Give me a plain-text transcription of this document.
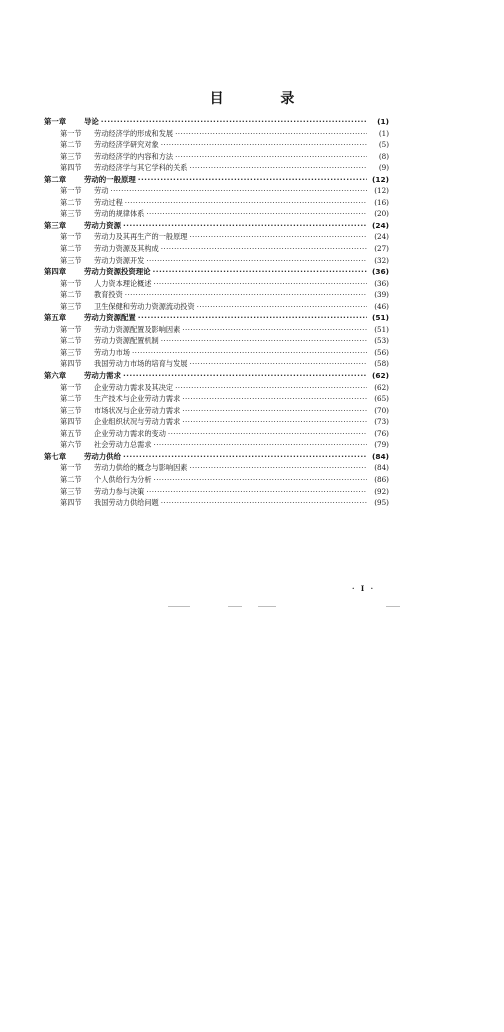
目 录
第一章	导论 ·····	(1)
第一节	劳动经济学的形成和发展 ·····	(1)
第二节	劳动经济学研究对象 ·····	(5)
第三节	劳动经济学的内容和方法 ·····	(8)
第四节	劳动经济学与其它学科的关系 ·····	(9)
第二章	劳动的一般原理 ·····	(12)
第一节	劳动 ·····	(12)
第二节	劳动过程 ·····	(16)
第三节	劳动的规律体系 ·····	(20)
第三章	劳动力资源 ·····	(24)
第一节	劳动力及其再生产的一般原理 ·····	(24)
第二节	劳动力资源及其构成 ·····	(27)
第三节	劳动力资源开发 ·····	(32)
第四章	劳动力资源投资理论 ·····	(36)
第一节	人力资本理论概述 ·····	(36)
第二节	教育投资 ·····	(39)
第三节	卫生保健和劳动力资源流动投资 ·····	(46)
第五章	劳动力资源配置 ·····	(51)
第一节	劳动力资源配置及影响因素 ·····	(51)
第二节	劳动力资源配置机制 ·····	(53)
第三节	劳动力市场 ·····	(56)
第四节	我国劳动力市场的培育与发展 ·····	(58)
第六章	劳动力需求 ·····	(62)
第一节	企业劳动力需求及其决定 ·····	(62)
第二节	生产技术与企业劳动力需求 ·····	(65)
第三节	市场状况与企业劳动力需求 ·····	(70)
第四节	企业组织状况与劳动力需求 ·····	(73)
第五节	企业劳动力需求的变动 ·····	(76)
第六节	社会劳动力总需求 ·····	(79)
第七章	劳动力供给 ·····	(84)
第一节	劳动力供给的概念与影响因素 ·····	(84)
第二节	个人供给行为分析 ·····	(86)
第三节	劳动力参与决策 ·····	(92)
第四节	我国劳动力供给问题 ·····	(95)
· I ·
